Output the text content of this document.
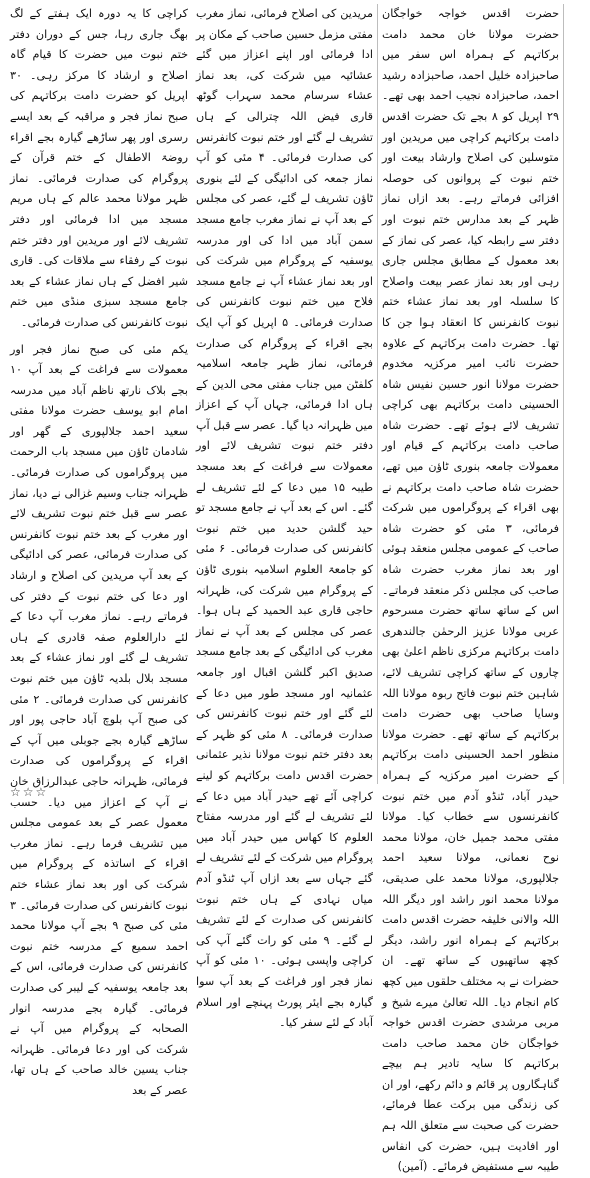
کراچی کا یہ دورہ ایک ہفتے کے لگ بھگ جاری رہا، جس کے دوران دفتر ختم نبوت میں حضرت کا قیام گاہ اصلاح و ارشاد کا مرکز رہی۔ ۳۰ اپریل کو حضرت دامت برکاتہم کی صبح نماز فجر و مراقبہ کے بعد ایسے رسری اور پھر ساڑھے گیارہ بجے اقراء روضۃ الاطفال کے ختم قرآن کے پروگرام کی صدارت فرمائی۔ نماز ظہر مولانا محمد عالم کے ہاں مریم مسجد میں ادا فرمائی اور دفتر تشریف لائے اور مریدین اور دفتر ختم نبوت کے رفقاء سے ملاقات کی۔ قاری شیر افضل کے ہاں نماز عشاء کے بعد جامع مسجد سبزی منڈی میں ختم نبوت کانفرنس کی صدارت فرمائی۔

یکم مئی کی صبح نماز فجر اور معمولات سے فراغت کے بعد آپ ۱۰ بجے بلاک نارتھ ناظم آباد میں مدرسہ امام ابو یوسف حضرت مولانا مفتی سعید احمد جلالپوری کے گھر اور شادمان ٹاؤن میں مسجد باب الرحمت میں پروگراموں کی صدارت فرمائی۔ ظہرانہ جناب وسیم غزالی نے دیا، نماز عصر سے قبل ختم نبوت تشریف لائے اور مغرب کے بعد ختم نبوت کانفرنس کی صدارت فرمائی، عصر کی ادائیگی کے بعد آپ مریدین کی اصلاح و ارشاد اور دعا کی ختم نبوت کے دفتر کی فرماتے رہے۔ نماز مغرب آپ دعا کے لئے دارالعلوم صفہ قادری کے ہاں تشریف لے گئے اور نماز عشاء کے بعد مسجد بلال بلدیہ ٹاؤن میں ختم نبوت کانفرنس کی صدارت فرمائی۔ ۲ مئی کی صبح آپ بلوچ آباد حاجی پور اور ساڑھے گیارہ بجے جوبلی میں آپ کے اقراء کے پروگراموں کی صدارت فرمائی، ظہرانہ حاجی عبدالرزاق خان نے آپ کے اعزاز میں دیا۔ حسب معمول عصر کے بعد عمومی مجلس میں تشریف فرما رہے۔ نماز مغرب اقراء کے اساتذہ کے پروگرام میں شرکت کی اور بعد نماز عشاء ختم نبوت کانفرنس کی صدارت فرمائی۔ ۳ مئی کی صبح ۹ بجے آپ مولانا محمد احمد سمیع کے مدرسہ ختم نبوت کانفرنس کی صدارت فرمائی، اس کے بعد جامعہ یوسفیہ کے لیبر کی صدارت فرمائی۔ گیارہ بجے مدرسہ انوار الصحابہ کے پروگرام میں آپ نے شرکت کی اور دعا فرمائی۔ ظہرانہ جناب یسین خالد صاحب کے ہاں تھا، عصر کے بعد

مریدین کی اصلاح فرمائی، نماز مغرب مفتی مزمل حسین صاحب کے مکان پر ادا فرمائی اور اپنے اعزاز میں گئے عشائیہ میں شرکت کی، بعد نماز عشاء سرسام محمد سہراب گوٹھ قاری فیض اللہ چترالی کے ہاں تشریف لے گئے اور ختم نبوت کانفرنس کی صدارت فرمائی۔ ۴ مئی کو آپ نماز جمعہ کی ادائیگی کے لئے بنوری ٹاؤن تشریف لے گئے، عصر کی مجلس کے بعد آپ نے نماز مغرب جامع مسجد سمن آباد میں ادا کی اور مدرسہ یوسفیہ کے پروگرام میں شرکت کی اور بعد نماز عشاء آپ نے جامع مسجد فلاح میں ختم نبوت کانفرنس کی صدارت فرمائی۔ ۵ اپریل کو آپ ایک بجے اقراء کے پروگرام کی صدارت فرمائی، نماز ظہر جامعہ اسلامیہ کلفٹن میں جناب مفتی محی الدین کے ہاں ادا فرمائی، جہاں آپ کے اعزاز میں ظہرانہ دیا گیا۔ عصر سے قبل آپ دفتر ختم نبوت تشریف لائے اور معمولات سے فراغت کے بعد مسجد طیبہ ۱۵ میں دعا کے لئے تشریف لے گئے۔ اس کے بعد آپ نے جامع مسجد تو حید گلشن حدید میں ختم نبوت کانفرنس کی صدارت فرمائی۔ ۶ مئی کو جامعۃ العلوم اسلامیہ بنوری ٹاؤن کے پروگرام میں شرکت کی، ظہرانہ حاجی قاری عبد الحمید کے ہاں ہوا۔ عصر کی مجلس کے بعد آپ نے نماز مغرب کی ادائیگی کے بعد جامع مسجد صدیق اکبر گلشن اقبال اور جامعہ عثمانیہ اور مسجد طور میں دعا کے لئے گئے اور ختم نبوت کانفرنس کی صدارت فرمائی۔ ۸ مئی کو ظہر کے بعد دفتر ختم نبوت مولانا نذیر عثمانی حضرت اقدس دامت برکاتہم کو لینے کراچی آئے تھے حیدر آباد میں دعا کے لئے تشریف لے گئے اور مدرسہ مفتاح العلوم کا کھاس میں حیدر آباد میں پروگرام میں شرکت کے لئے تشریف لے گئے جہاں سے بعد ازاں آپ ٹنڈو آدم میاں نہادی کے ہاں ختم نبوت کانفرنس کی صدارت کے لئے تشریف لے گئے۔ ۹ مئی کو رات گئے آپ کی کراچی واپسی ہوئی۔ ۱۰ مئی کو آپ نماز فجر اور فراغت کے بعد آپ سوا گیارہ بجے ایئر پورٹ پہنچے اور اسلام آباد کے لئے سفر کیا۔

حضرت اقدس خواجہ خواجگان حضرت مولانا خان محمد دامت برکاتہم کے ہمراہ اس سفر میں صاحبزادہ خلیل احمد، صاحبزادہ رشید احمد، صاحبزادہ نجیب احمد بھی تھے۔ ۲۹ اپریل کو ۸ بجے تک حضرت اقدس دامت برکاتہم کراچی میں مریدین اور متوسلین کی اصلاح وارشاد بیعت اور ختم نبوت کے پروانوں کی حوصلہ افزائی فرماتے رہے۔ بعد ازاں نماز ظہر کے بعد مدارس ختم نبوت اور دفتر سے رابطہ کیا، عصر کی نماز کے بعد معمول کے مطابق مجلس جاری رہی اور بعد نماز عصر بیعت واصلاح کا سلسلہ اور بعد نماز عشاء ختم نبوت کانفرنس کا انعقاد ہوا جن کا تھا۔ حضرت دامت برکاتہم کے علاوہ حضرت نائب امیر مرکزیہ مخدوم حضرت مولانا انور حسین نفیس شاہ الحسینی دامت برکاتہم بھی کراچی تشریف لائے ہوئے تھے۔ حضرت شاہ صاحب دامت برکاتہم کے قیام اور معمولات جامعہ بنوری ٹاؤن میں تھے، حضرت شاہ صاحب دامت برکاتہم نے بھی اقراء کے پروگراموں میں شرکت فرمائی، ۳ مئی کو حضرت شاہ صاحب کے عمومی مجلس منعقد ہوئی اور بعد نماز مغرب حضرت شاہ صاحب کی مجلس ذکر منعقد فرماتے۔ اس کے ساتھ ساتھ حضرت مسرحوم عربی مولانا عزیز الرحمٰن جالندھری دامت برکاتہم مرکزی ناظم اعلیٰ بھی چاروں کے ساتھ کراچی تشریف لائے، شاہین ختم نبوت فاتح ربوہ مولانا اللہ وسایا صاحب بھی حضرت دامت برکاتہم کے ساتھ تھے۔ حضرت مولانا منظور احمد الحسینی دامت برکاتہم کے حضرت امیر مرکزیہ کے ہمراہ حیدر آباد، ٹنڈو آدم میں ختم نبوت کانفرنسوں سے خطاب کیا۔ مولانا مفتی محمد جمیل خان، مولانا محمد نوح نعمانی، مولانا سعید احمد جلالپوری، مولانا محمد علی صدیقی، مولانا محمد انور راشد اور دیگر اللہ اللہ والانی خلیفہ حضرت اقدس دامت برکاتہم کے ہمراہ انور راشد، دیگر کچھ ساتھیوں کے ساتھ تھے۔ ان حضرات نے بہ مختلف حلقوں میں کچھ کام انجام دیا۔ اللہ تعالیٰ میرے شیخ و مربی مرشدی حضرت اقدس خواجہ خواجگان خان محمد صاحب دامت برکاتہم کا سایہ تادیر ہم بیچے گناہگاروں پر قائم و دائم رکھے، اور ان کی زندگی میں برکت عطا فرمائے، حضرت کی صحبت سے متعلق اللہ ہم اور افادیت ہیں، حضرت کی انفاس طیبہ سے مستفیض فرمائے۔ (آمین)

☆☆☆
